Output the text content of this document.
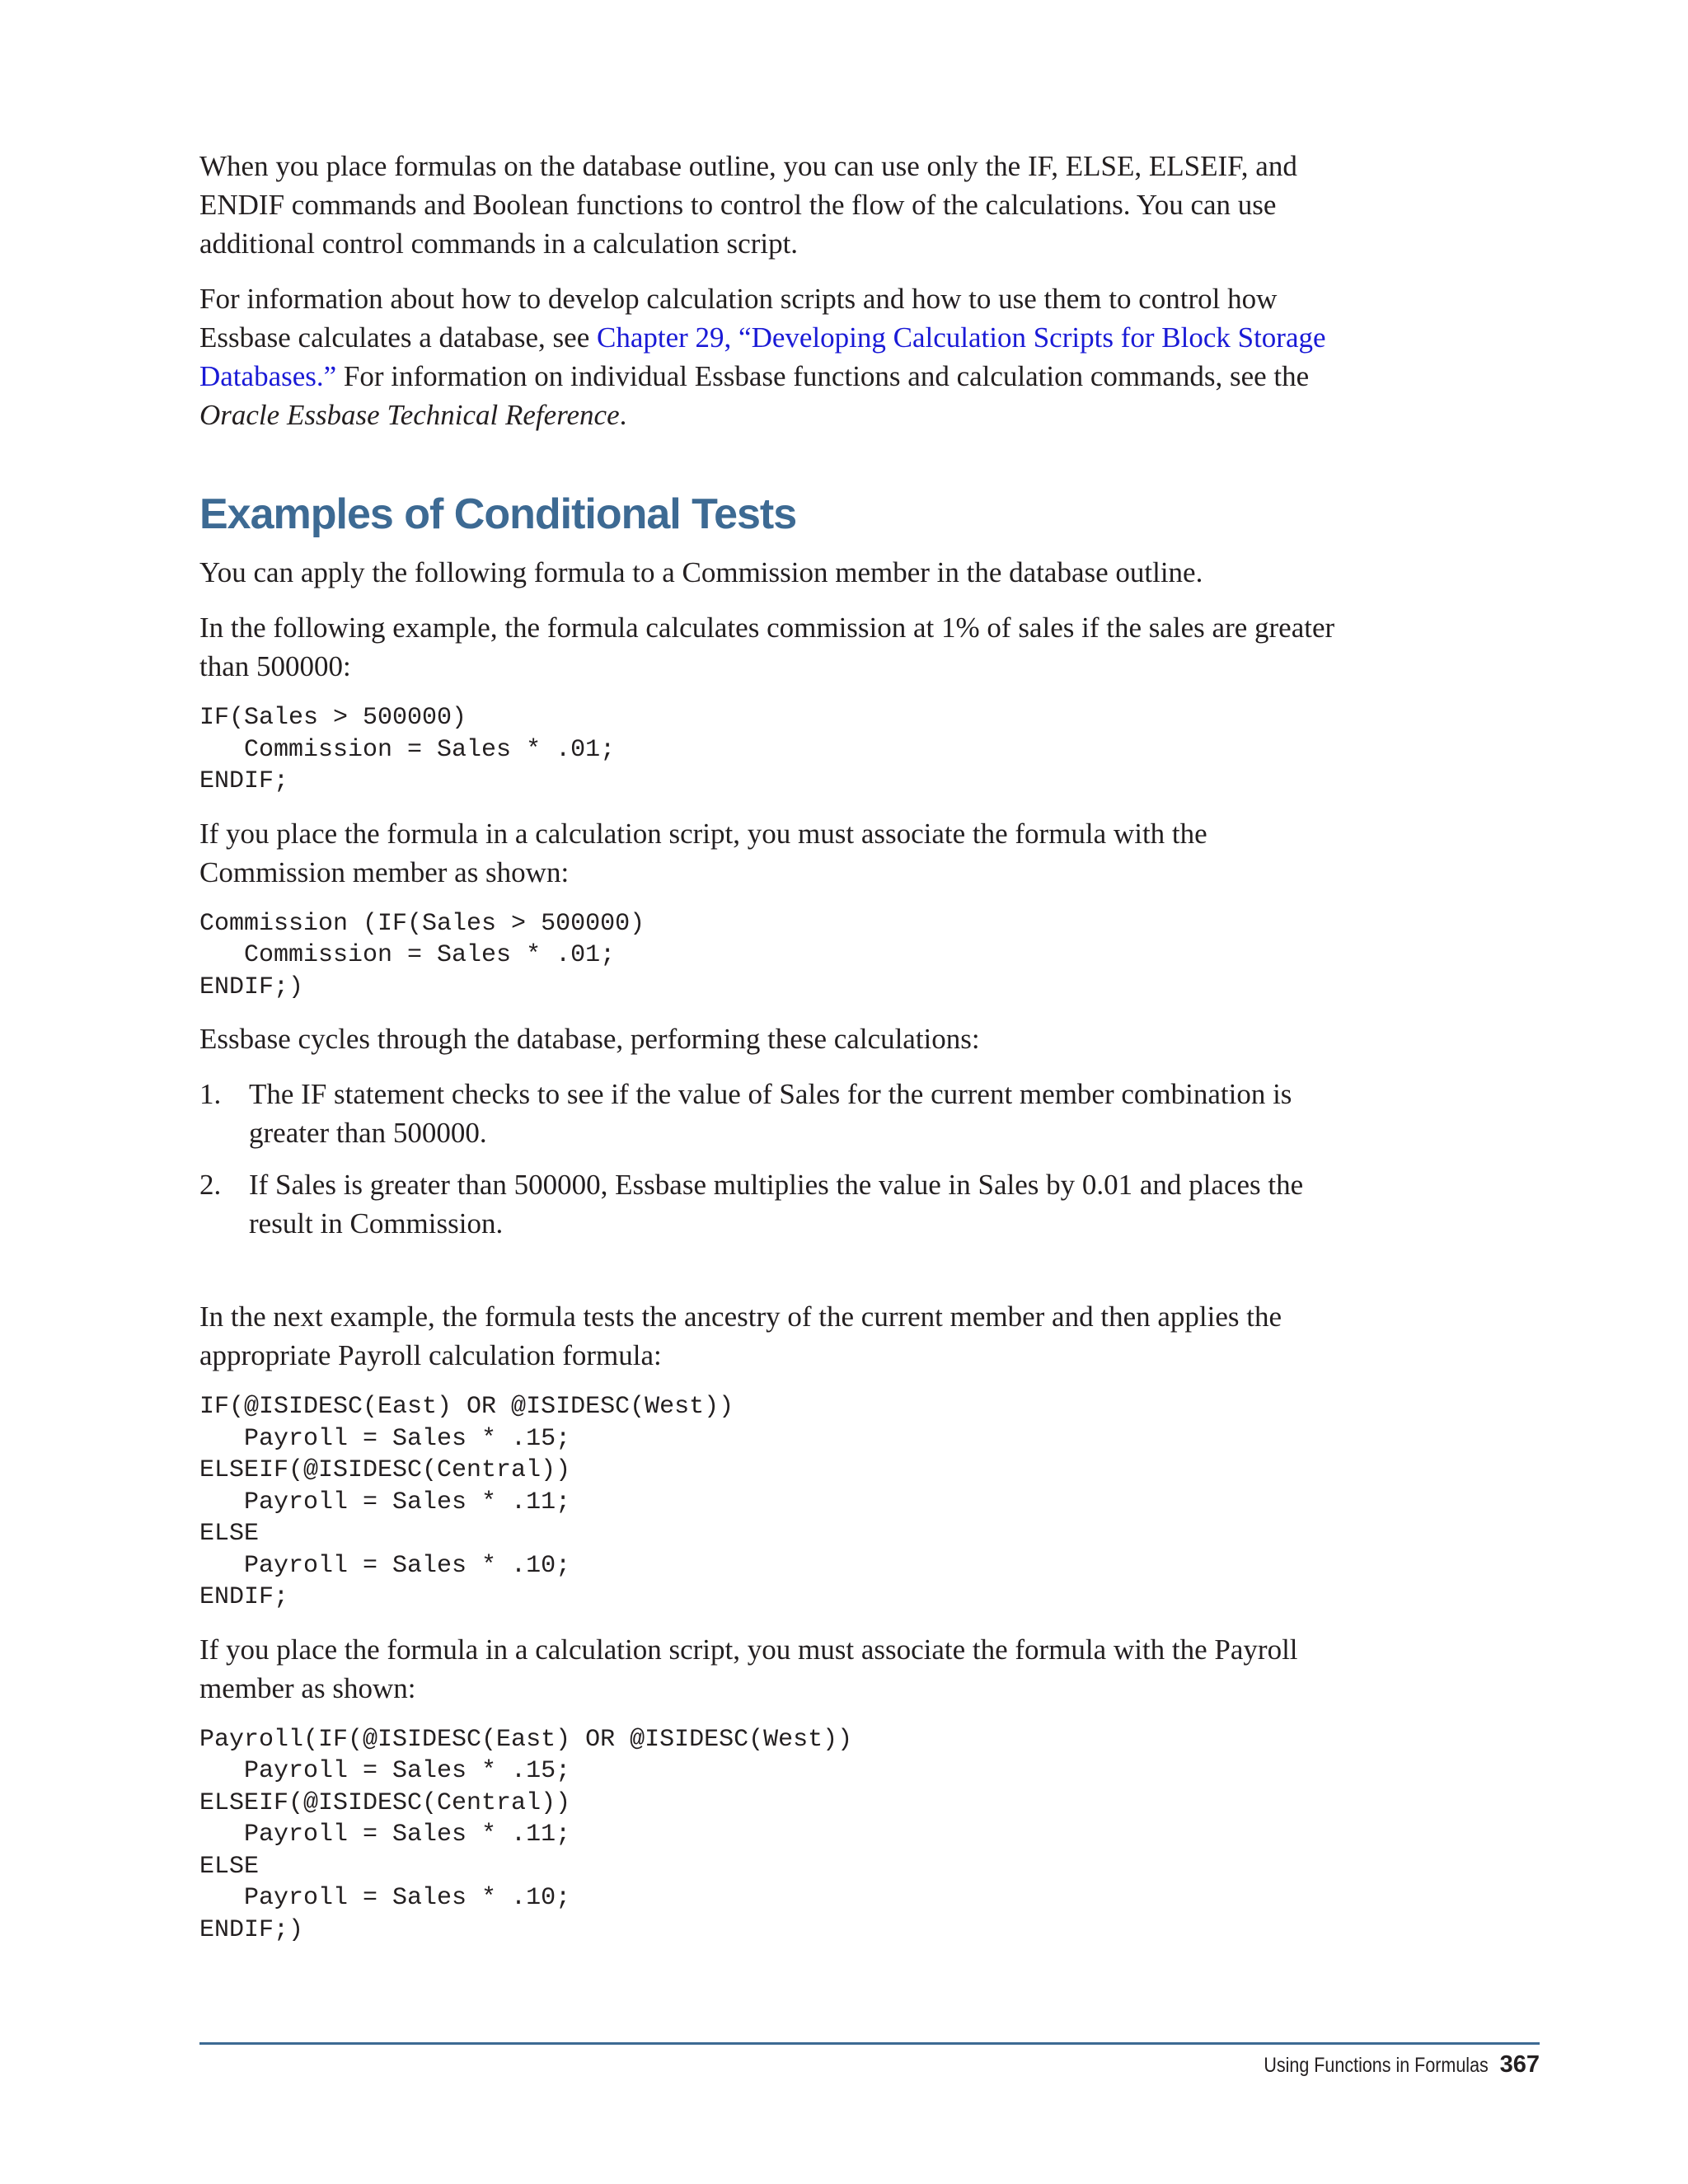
When you place formulas on the database outline, you can use only the IF, ELSE, ELSEIF, and ENDIF commands and Boolean functions to control the flow of the calculations. You can use additional control commands in a calculation script.

For information about how to develop calculation scripts and how to use them to control how Essbase calculates a database, see Chapter 29, “Developing Calculation Scripts for Block Storage Databases.” For information on individual Essbase functions and calculation commands, see the Oracle Essbase Technical Reference.

Examples of Conditional Tests

You can apply the following formula to a Commission member in the database outline.

In the following example, the formula calculates commission at 1% of sales if the sales are greater than 500000:

IF(Sales > 500000)
Commission = Sales * .01;
ENDIF;

If you place the formula in a calculation script, you must associate the formula with the Commission member as shown:

Commission (IF(Sales > 500000)
Commission = Sales * .01;
ENDIF;)

Essbase cycles through the database, performing these calculations:

1. The IF statement checks to see if the value of Sales for the current member combination is greater than 500000.
2. If Sales is greater than 500000, Essbase multiplies the value in Sales by 0.01 and places the result in Commission.

In the next example, the formula tests the ancestry of the current member and then applies the appropriate Payroll calculation formula:

IF(@ISIDESC(East) OR @ISIDESC(West))
Payroll = Sales * .15;
ELSEIF(@ISIDESC(Central))
Payroll = Sales * .11;
ELSE
Payroll = Sales * .10;
ENDIF;

If you place the formula in a calculation script, you must associate the formula with the Payroll member as shown:

Payroll(IF(@ISIDESC(East) OR @ISIDESC(West))
Payroll = Sales * .15;
ELSEIF(@ISIDESC(Central))
Payroll = Sales * .11;
ELSE
Payroll = Sales * .10;
ENDIF;)
Using Functions in Formulas 367
